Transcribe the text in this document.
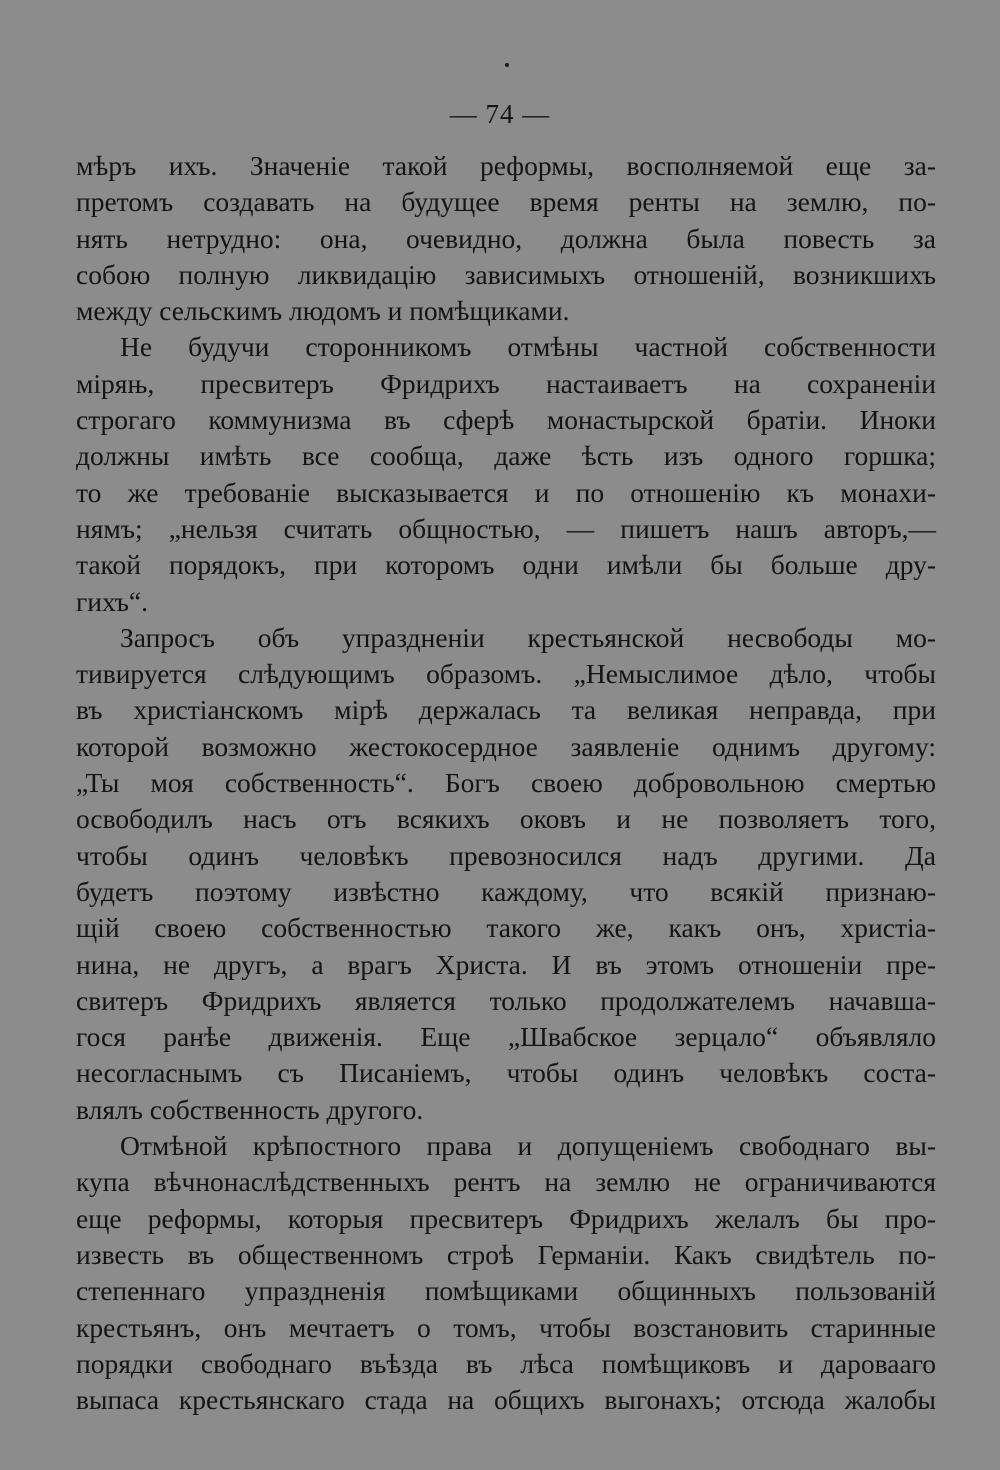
— 74 —
мѣръ ихъ. Значеніе такой реформы, восполняемой еще за-
претомъ создавать на будущее время ренты на землю, по-
нять нетрудно: она, очевидно, должна была повесть за
собою полную ликвидацію зависимыхъ отношеній, возникшихъ
между сельскимъ людомъ и помѣщиками.
Не будучи сторонникомъ отмѣны частной собственности
міряњ, пресвитеръ Фридрихъ настаиваетъ на сохраненіи
строгаго коммунизма въ сферѣ монастырской братіи. Иноки
должны имѣть все сообща, даже ѣсть изъ одного горшка;
то же требованіе высказывается и по отношенію къ монахи-
нямъ; „нельзя считать общностью, — пишетъ нашъ авторъ,—
такой порядокъ, при которомъ одни имѣли бы больше дру-
гихъ“.
Запросъ объ упраздненіи крестьянской несвободы мо-
тивируется слѣдующимъ образомъ. „Немыслимое дѣло, чтобы
въ христіанскомъ мірѣ держалась та великая неправда, при
которой возможно жестокосердное заявленіе однимъ другому:
„Ты моя собственность“. Богъ своею добровольною смертью
освободилъ насъ отъ всякихъ оковъ и не позволяетъ того,
чтобы одинъ человѣкъ превозносился надъ другими. Да
будетъ поэтому извѣстно каждому, что всякій признаю-
щій своею собственностью такого же, какъ онъ, христіа-
нина, не другъ, а врагъ Христа. И въ этомъ отношеніи пре-
свитеръ Фридрихъ является только продолжателемъ начавша-
гося ранѣе движенія. Еще „Швабское зерцало“ объявляло
несогласнымъ съ Писаніемъ, чтобы одинъ человѣкъ соста-
влялъ собственность другого.
Отмѣной крѣпостного права и допущеніемъ свободнаго вы-
купа вѣчнонаслѣдственныхъ рентъ на землю не ограничиваются
еще реформы, которыя пресвитеръ Фридрихъ желалъ бы про-
известь въ общественномъ строѣ Германіи. Какъ свидѣтель по-
степеннаго упраздненія помѣщиками общинныхъ пользованій
крестьянъ, онъ мечтаетъ о томъ, чтобы возстановить старинные
порядки свободнаго въѣзда въ лѣса помѣщиковъ и даровааго
выпаса крестьянскаго стада на общихъ выгонахъ; отсюда жалобы
